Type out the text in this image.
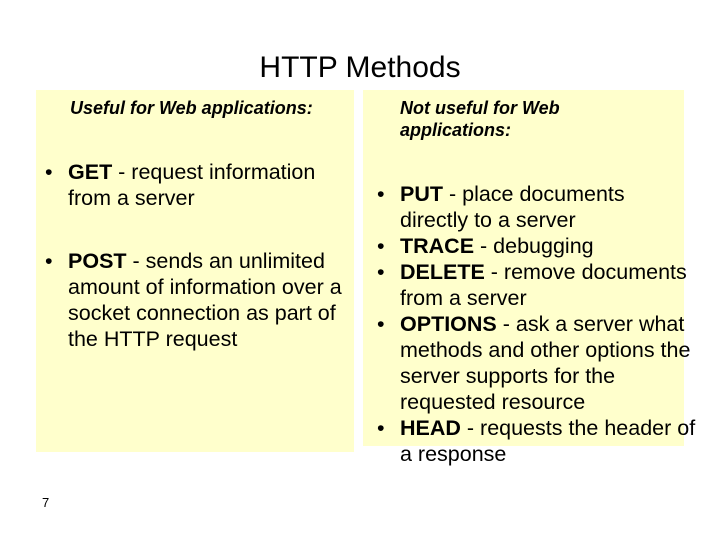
HTTP Methods
Useful for Web applications:	Not useful for Web applications:
• GET - request information from a server
• POST - sends an unlimited amount of information over a socket connection as part of the HTTP request
• PUT - place documents directly to a server
• TRACE - debugging
• DELETE - remove documents from a server
• OPTIONS - ask a server what methods and other options the server supports for the requested resource
• HEAD - requests the header of a response
7
